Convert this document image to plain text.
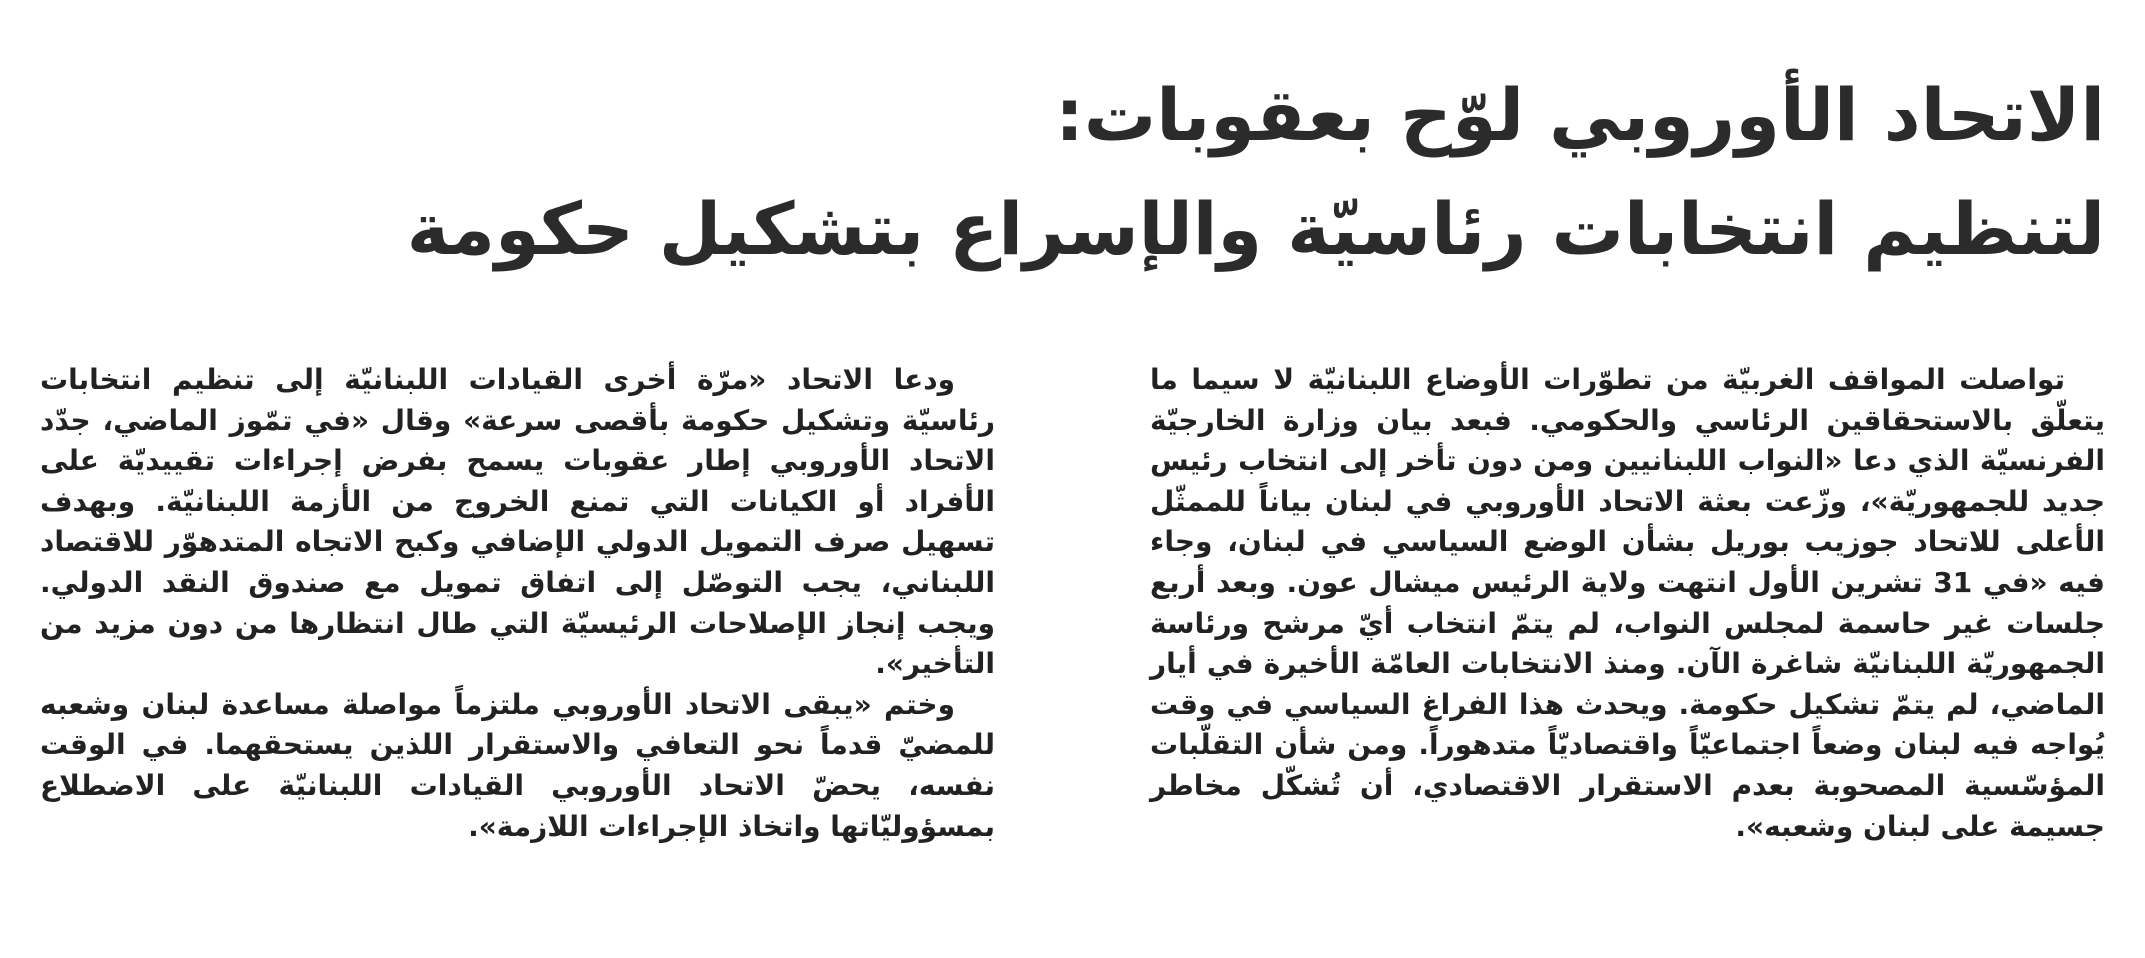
الاتحاد الأوروبي لوّح بعقوبات:
لتنظيم انتخابات رئاسيّة والإسراع بتشكيل حكومة

تواصلت المواقف الغربيّة من تطوّرات الأوضاع اللبنانيّة لا سيما ما يتعلّق بالاستحقاقين الرئاسي والحكومي. فبعد بيان وزارة الخارجيّة الفرنسيّة الذي دعا «النواب اللبنانيين ومن دون تأخر إلى انتخاب رئيس جديد للجمهوريّة»، وزّعت بعثة الاتحاد الأوروبي في لبنان بياناً للممثّل الأعلى للاتحاد جوزيب بوريل بشأن الوضع السياسي في لبنان، وجاء فيه «في 31 تشرين الأول انتهت ولاية الرئيس ميشال عون. وبعد أربع جلسات غير حاسمة لمجلس النواب، لم يتمّ انتخاب أيّ مرشح ورئاسة الجمهوريّة اللبنانيّة شاغرة الآن. ومنذ الانتخابات العامّة الأخيرة في أيار الماضي، لم يتمّ تشكيل حكومة. ويحدث هذا الفراغ السياسي في وقت يُواجه فيه لبنان وضعاً اجتماعيّاً واقتصاديّاً متدهوراً. ومن شأن التقلّبات المؤسّسية المصحوبة بعدم الاستقرار الاقتصادي، أن تُشكّل مخاطر جسيمة على لبنان وشعبه».

ودعا الاتحاد «مرّة أخرى القيادات اللبنانيّة إلى تنظيم انتخابات رئاسيّة وتشكيل حكومة بأقصى سرعة» وقال «في تمّوز الماضي، جدّد الاتحاد الأوروبي إطار عقوبات يسمح بفرض إجراءات تقييديّة على الأفراد أو الكيانات التي تمنع الخروج من الأزمة اللبنانيّة. وبهدف تسهيل صرف التمويل الدولي الإضافي وكبح الاتجاه المتدهوّر للاقتصاد اللبناني، يجب التوصّل إلى اتفاق تمويل مع صندوق النقد الدولي. ويجب إنجاز الإصلاحات الرئيسيّة التي طال انتظارها من دون مزيد من التأخير».

وختم «يبقى الاتحاد الأوروبي ملتزماً مواصلة مساعدة لبنان وشعبه للمضيّ قدماً نحو التعافي والاستقرار اللذين يستحقهما. في الوقت نفسه، يحضّ الاتحاد الأوروبي القيادات اللبنانيّة على الاضطلاع بمسؤوليّاتها واتخاذ الإجراءات اللازمة».
